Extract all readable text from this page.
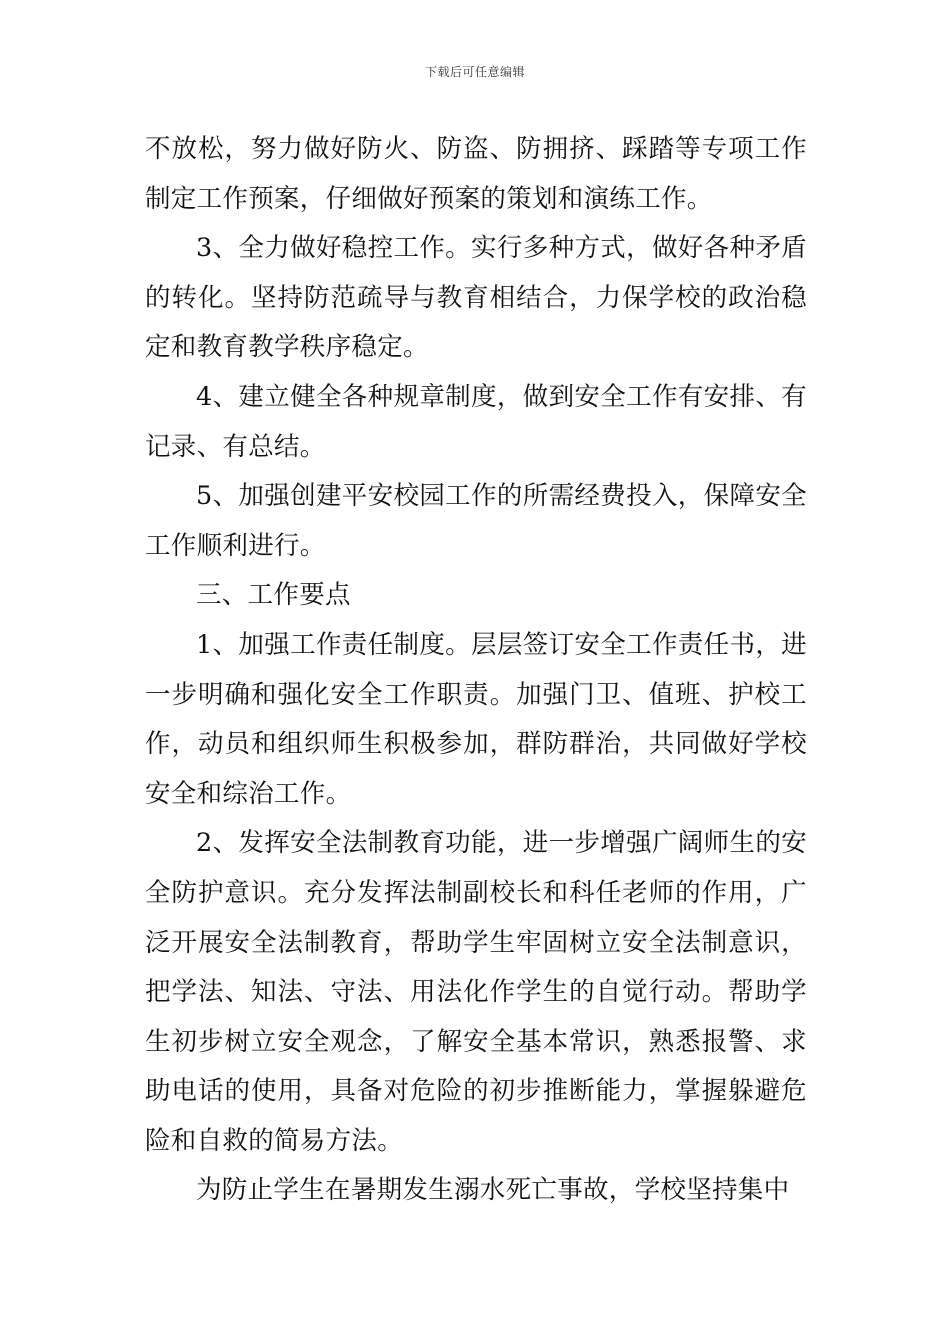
下载后可任意编辑

不放松，努力做好防火、防盗、防拥挤、踩踏等专项工作制定工作预案，仔细做好预案的策划和演练工作。

3、全力做好稳控工作。实行多种方式，做好各种矛盾的转化。坚持防范疏导与教育相结合，力保学校的政治稳定和教育教学秩序稳定。

4、建立健全各种规章制度，做到安全工作有安排、有记录、有总结。

5、加强创建平安校园工作的所需经费投入，保障安全工作顺利进行。

三、工作要点

1、加强工作责任制度。层层签订安全工作责任书，进一步明确和强化安全工作职责。加强门卫、值班、护校工作，动员和组织师生积极参加，群防群治，共同做好学校安全和综治工作。

2、发挥安全法制教育功能，进一步增强广阔师生的安全防护意识。充分发挥法制副校长和科任老师的作用，广泛开展安全法制教育，帮助学生牢固树立安全法制意识，把学法、知法、守法、用法化作学生的自觉行动。帮助学生初步树立安全观念，了解安全基本常识，熟悉报警、求助电话的使用，具备对危险的初步推断能力，掌握躲避危险和自救的简易方法。

为防止学生在暑期发生溺水死亡事故，学校坚持集中
